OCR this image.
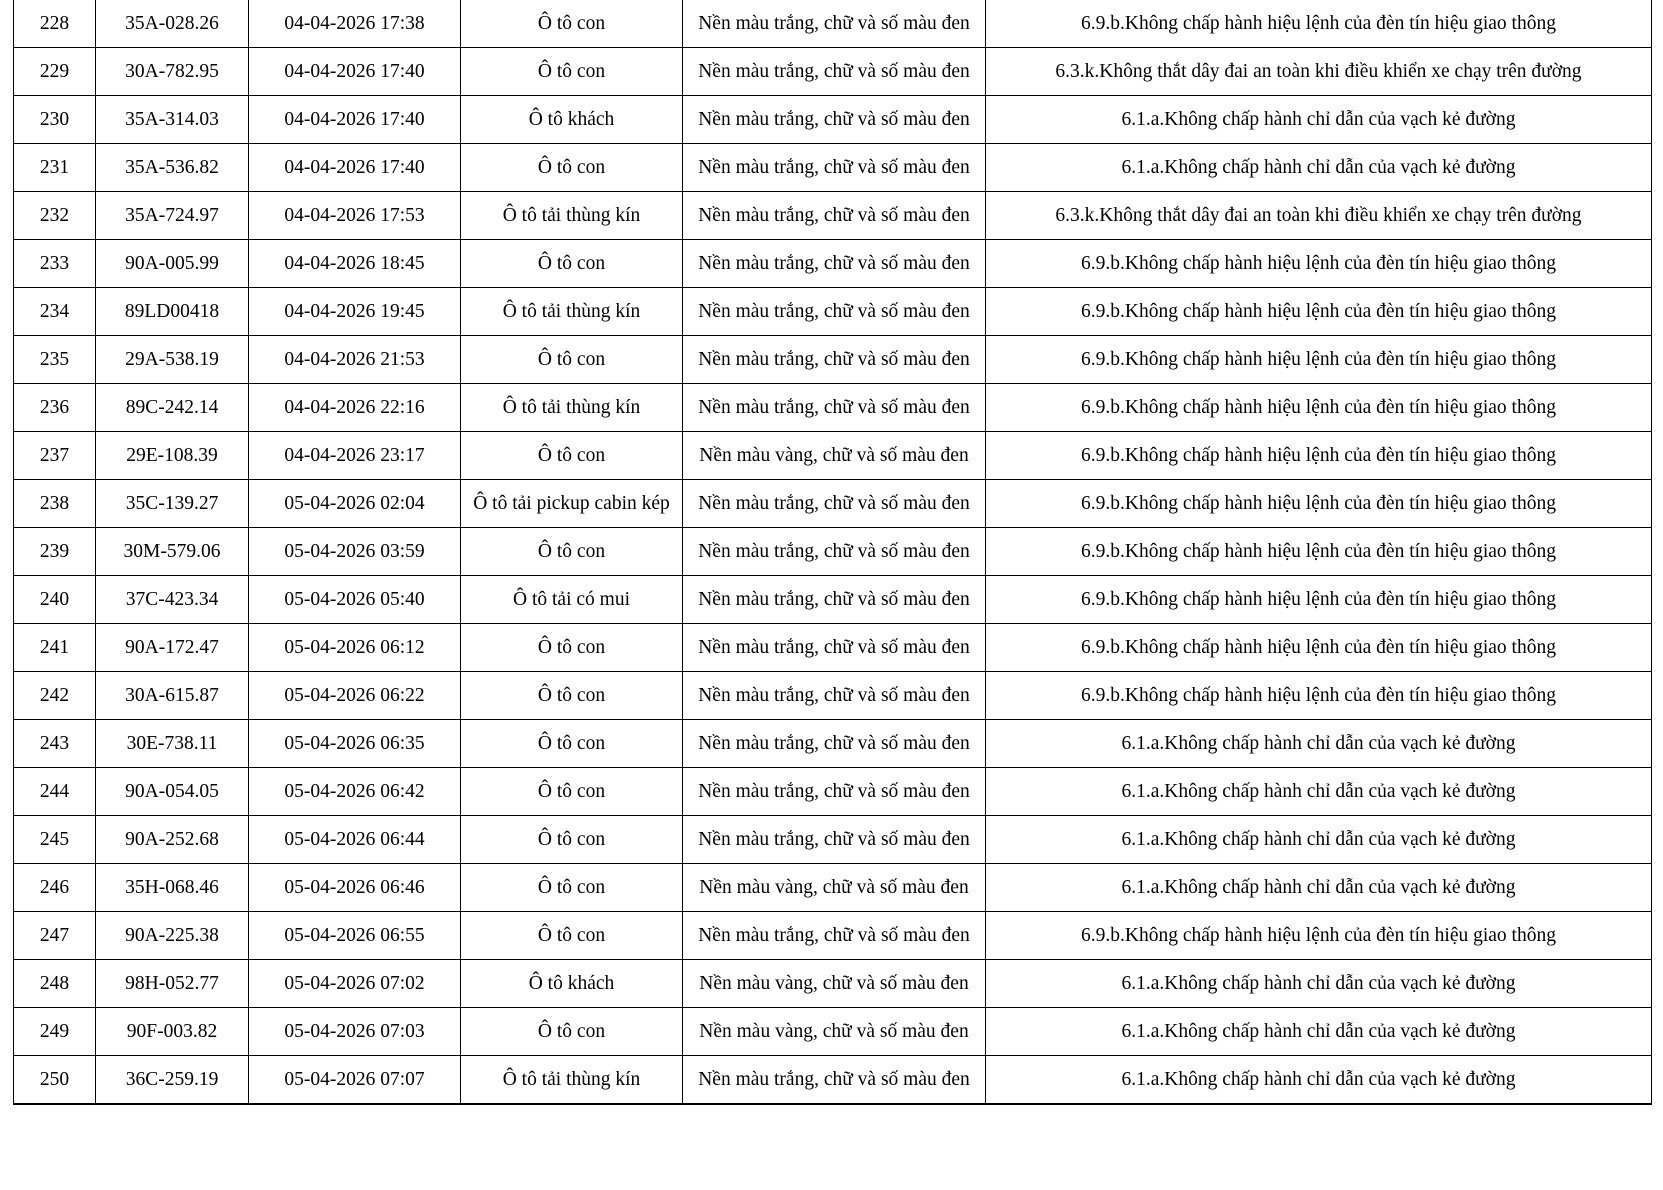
228	35A-028.26	04-04-2026 17:38	Ô tô con	Nền màu trắng, chữ và số màu đen	6.9.b.Không chấp hành hiệu lệnh của đèn tín hiệu giao thông
229	30A-782.95	04-04-2026 17:40	Ô tô con	Nền màu trắng, chữ và số màu đen	6.3.k.Không thắt dây đai an toàn khi điều khiển xe chạy trên đường
230	35A-314.03	04-04-2026 17:40	Ô tô khách	Nền màu trắng, chữ và số màu đen	6.1.a.Không chấp hành chỉ dẫn của vạch kẻ đường
231	35A-536.82	04-04-2026 17:40	Ô tô con	Nền màu trắng, chữ và số màu đen	6.1.a.Không chấp hành chỉ dẫn của vạch kẻ đường
232	35A-724.97	04-04-2026 17:53	Ô tô tải thùng kín	Nền màu trắng, chữ và số màu đen	6.3.k.Không thắt dây đai an toàn khi điều khiển xe chạy trên đường
233	90A-005.99	04-04-2026 18:45	Ô tô con	Nền màu trắng, chữ và số màu đen	6.9.b.Không chấp hành hiệu lệnh của đèn tín hiệu giao thông
234	89LD00418	04-04-2026 19:45	Ô tô tải thùng kín	Nền màu trắng, chữ và số màu đen	6.9.b.Không chấp hành hiệu lệnh của đèn tín hiệu giao thông
235	29A-538.19	04-04-2026 21:53	Ô tô con	Nền màu trắng, chữ và số màu đen	6.9.b.Không chấp hành hiệu lệnh của đèn tín hiệu giao thông
236	89C-242.14	04-04-2026 22:16	Ô tô tải thùng kín	Nền màu trắng, chữ và số màu đen	6.9.b.Không chấp hành hiệu lệnh của đèn tín hiệu giao thông
237	29E-108.39	04-04-2026 23:17	Ô tô con	Nền màu vàng, chữ và số màu đen	6.9.b.Không chấp hành hiệu lệnh của đèn tín hiệu giao thông
238	35C-139.27	05-04-2026 02:04	Ô tô tải pickup cabin kép	Nền màu trắng, chữ và số màu đen	6.9.b.Không chấp hành hiệu lệnh của đèn tín hiệu giao thông
239	30M-579.06	05-04-2026 03:59	Ô tô con	Nền màu trắng, chữ và số màu đen	6.9.b.Không chấp hành hiệu lệnh của đèn tín hiệu giao thông
240	37C-423.34	05-04-2026 05:40	Ô tô tải có mui	Nền màu trắng, chữ và số màu đen	6.9.b.Không chấp hành hiệu lệnh của đèn tín hiệu giao thông
241	90A-172.47	05-04-2026 06:12	Ô tô con	Nền màu trắng, chữ và số màu đen	6.9.b.Không chấp hành hiệu lệnh của đèn tín hiệu giao thông
242	30A-615.87	05-04-2026 06:22	Ô tô con	Nền màu trắng, chữ và số màu đen	6.9.b.Không chấp hành hiệu lệnh của đèn tín hiệu giao thông
243	30E-738.11	05-04-2026 06:35	Ô tô con	Nền màu trắng, chữ và số màu đen	6.1.a.Không chấp hành chỉ dẫn của vạch kẻ đường
244	90A-054.05	05-04-2026 06:42	Ô tô con	Nền màu trắng, chữ và số màu đen	6.1.a.Không chấp hành chỉ dẫn của vạch kẻ đường
245	90A-252.68	05-04-2026 06:44	Ô tô con	Nền màu trắng, chữ và số màu đen	6.1.a.Không chấp hành chỉ dẫn của vạch kẻ đường
246	35H-068.46	05-04-2026 06:46	Ô tô con	Nền màu vàng, chữ và số màu đen	6.1.a.Không chấp hành chỉ dẫn của vạch kẻ đường
247	90A-225.38	05-04-2026 06:55	Ô tô con	Nền màu trắng, chữ và số màu đen	6.9.b.Không chấp hành hiệu lệnh của đèn tín hiệu giao thông
248	98H-052.77	05-04-2026 07:02	Ô tô khách	Nền màu vàng, chữ và số màu đen	6.1.a.Không chấp hành chỉ dẫn của vạch kẻ đường
249	90F-003.82	05-04-2026 07:03	Ô tô con	Nền màu vàng, chữ và số màu đen	6.1.a.Không chấp hành chỉ dẫn của vạch kẻ đường
250	36C-259.19	05-04-2026 07:07	Ô tô tải thùng kín	Nền màu trắng, chữ và số màu đen	6.1.a.Không chấp hành chỉ dẫn của vạch kẻ đường
